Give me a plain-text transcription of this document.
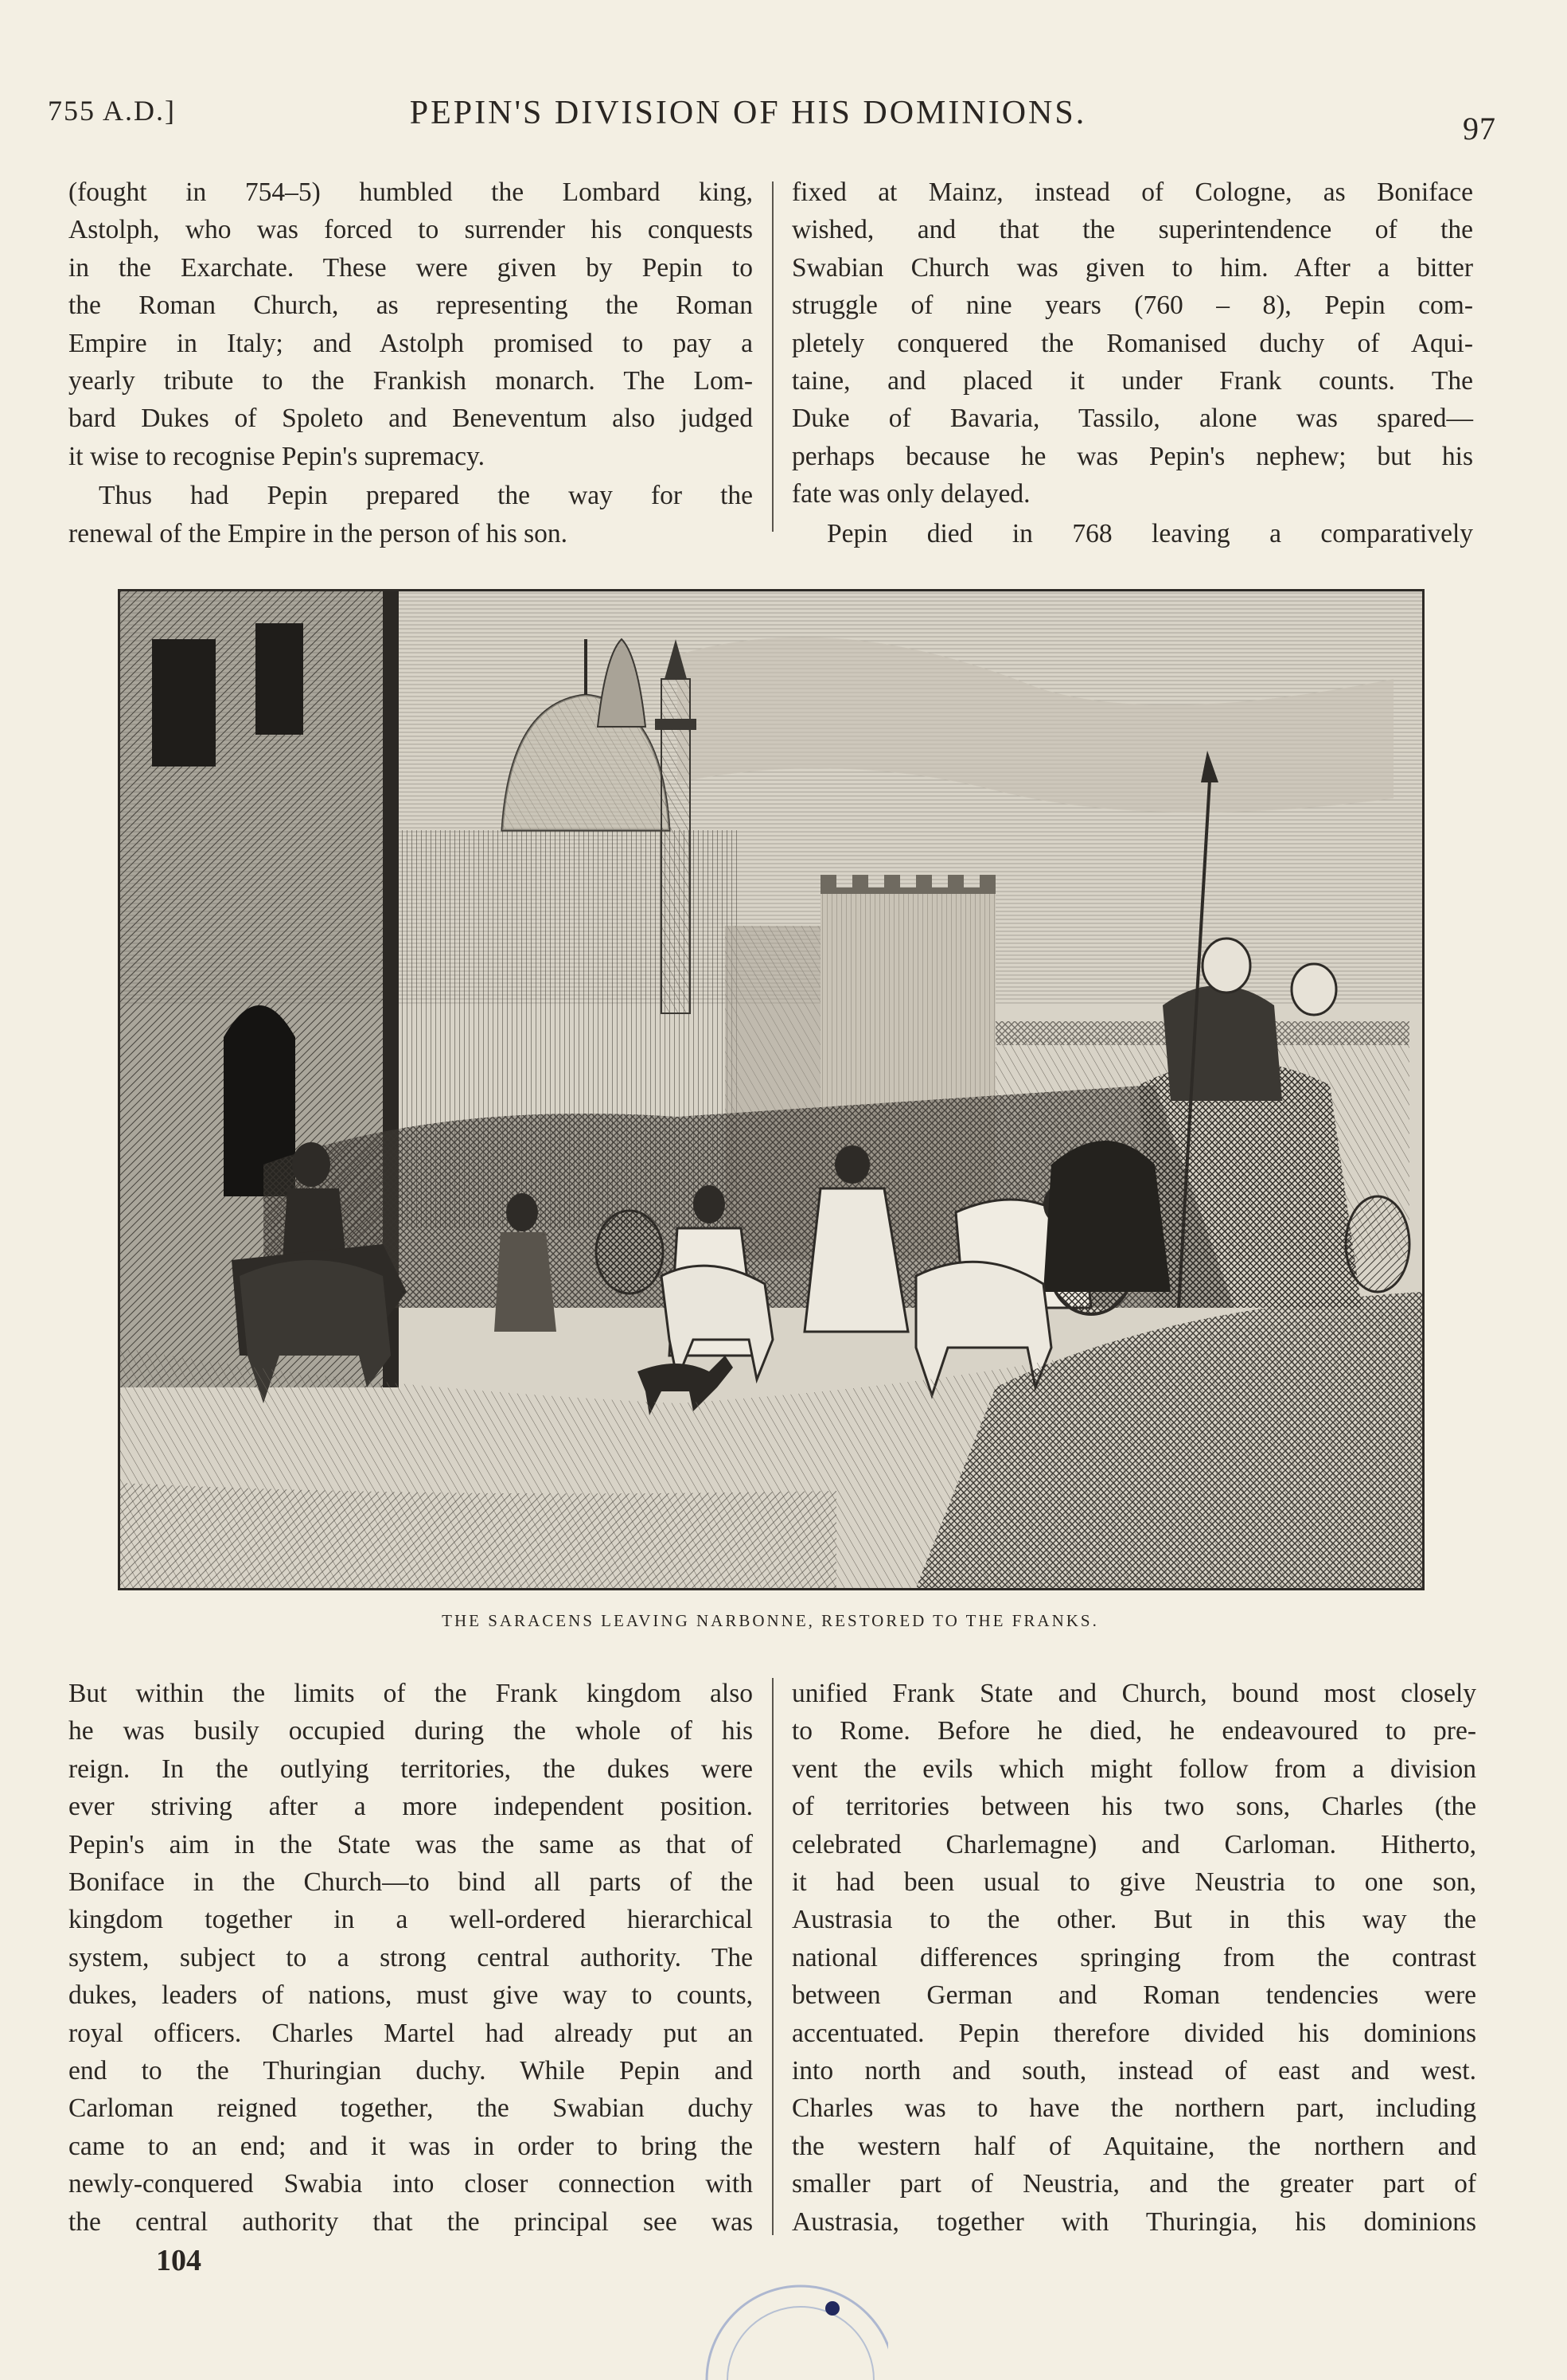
755 A.D.]	PEPIN'S DIVISION OF HIS DOMINIONS.	97

(fought in 754–5) humbled the Lombard king,
Astolph, who was forced to surrender his conquests
in the Exarchate. These were given by Pepin to
the Roman Church, as representing the Roman
Empire in Italy; and Astolph promised to pay a
yearly tribute to the Frankish monarch. The Lom-
bard Dukes of Spoleto and Beneventum also judged
it wise to recognise Pepin's supremacy.

Thus had Pepin prepared the way for the
renewal of the Empire in the person of his son.

fixed at Mainz, instead of Cologne, as Boniface
wished, and that the superintendence of the
Swabian Church was given to him. After a bitter
struggle of nine years (760 – 8), Pepin com-
pletely conquered the Romanised duchy of Aqui-
taine, and placed it under Frank counts. The
Duke of Bavaria, Tassilo, alone was spared—
perhaps because he was Pepin's nephew; but his
fate was only delayed.

Pepin died in 768 leaving a comparatively

THE SARACENS LEAVING NARBONNE, RESTORED TO THE FRANKS.

But within the limits of the Frank kingdom also
he was busily occupied during the whole of his
reign. In the outlying territories, the dukes were
ever striving after a more independent position.
Pepin's aim in the State was the same as that of
Boniface in the Church—to bind all parts of the
kingdom together in a well-ordered hierarchical
system, subject to a strong central authority. The
dukes, leaders of nations, must give way to counts,
royal officers. Charles Martel had already put an
end to the Thuringian duchy. While Pepin and
Carloman reigned together, the Swabian duchy
came to an end; and it was in order to bring the
newly-conquered Swabia into closer connection with
the central authority that the principal see was

unified Frank State and Church, bound most closely
to Rome. Before he died, he endeavoured to pre-
vent the evils which might follow from a division
of territories between his two sons, Charles (the
celebrated Charlemagne) and Carloman. Hitherto,
it had been usual to give Neustria to one son,
Austrasia to the other. But in this way the
national differences springing from the contrast
between German and Roman tendencies were
accentuated. Pepin therefore divided his dominions
into north and south, instead of east and west.
Charles was to have the northern part, including
the western half of Aquitaine, the northern and
smaller part of Neustria, and the greater part of
Austrasia, together with Thuringia, his dominions

104
